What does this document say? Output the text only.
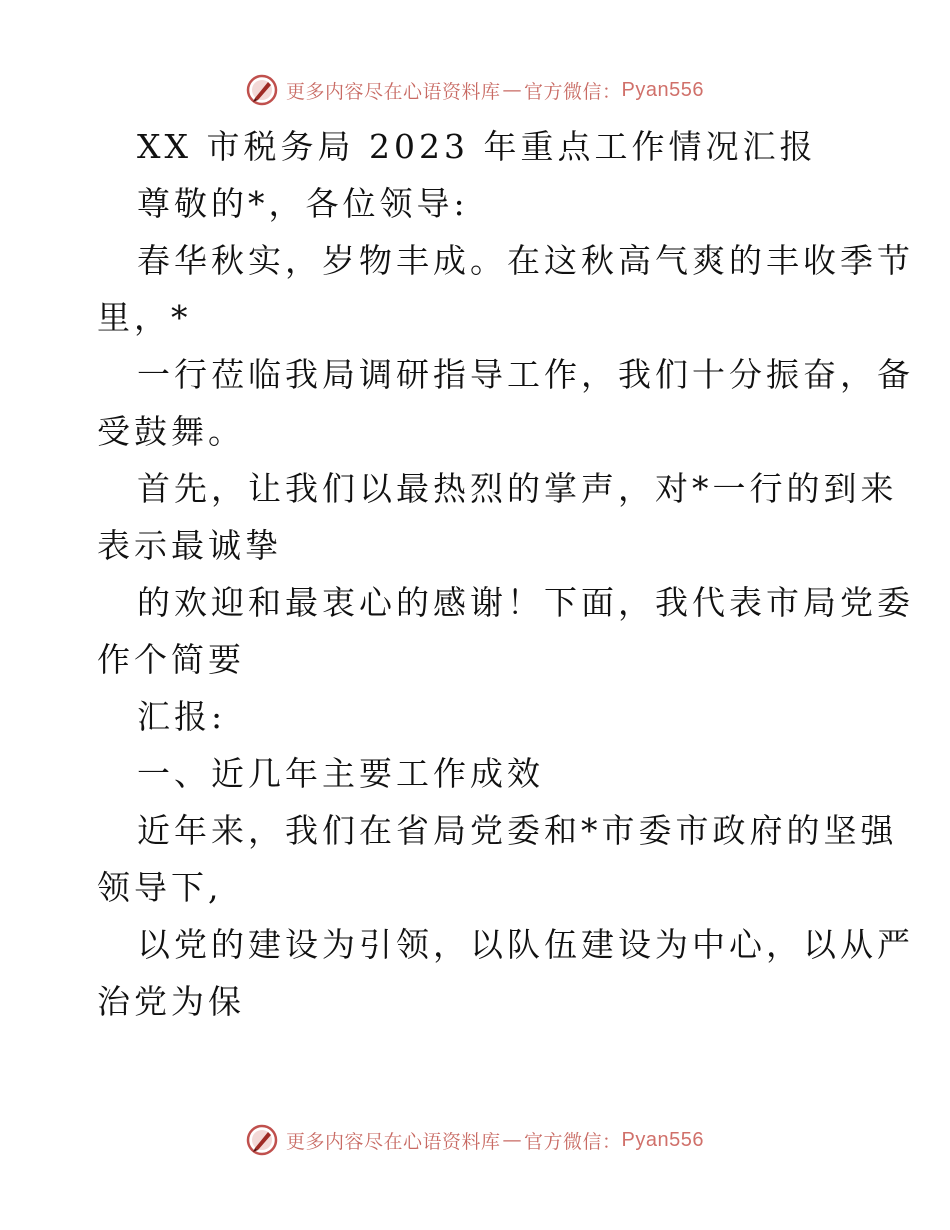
更多内容尽在心语资料库 — 官方微信： Pyan556
XX 市税务局 2023 年重点工作情况汇报
尊敬的*，各位领导:
春华秋实，岁物丰成。在这秋高气爽的丰收季节
里，*
一行莅临我局调研指导工作，我们十分振奋，备
受鼓舞。
首先，让我们以最热烈的掌声，对*一行的到来
表示最诚挚
的欢迎和最衷心的感谢！下面，我代表市局党委
作个简要
汇报:
一、近几年主要工作成效
近年来，我们在省局党委和*市委市政府的坚强
领导下,
以党的建设为引领，以队伍建设为中心，以从严
治党为保
更多内容尽在心语资料库 — 官方微信： Pyan556
